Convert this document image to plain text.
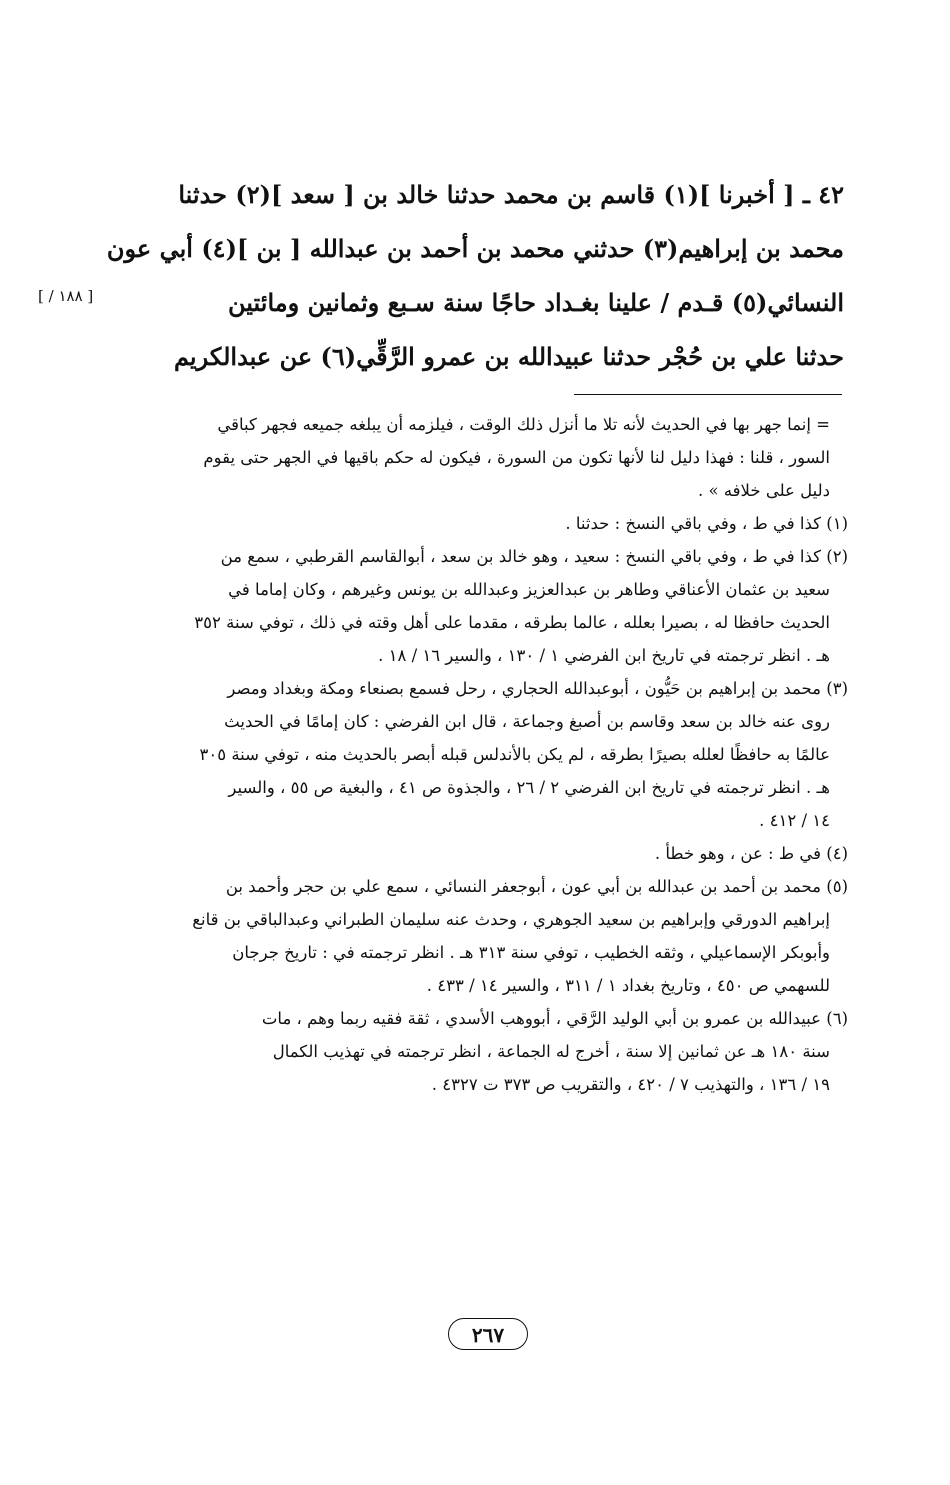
٤٢ ـ [ أخبرنا ](١) قاسم بن محمد حدثنا خالد بن [ سعد ](٢) حدثنا
محمد بن إبراهيم(٣) حدثني محمد بن أحمد بن عبدالله [ بن ](٤) أبي عون
النسائي(٥) قـدم / علينا بغـداد حاجًا سنة سـبع وثمانين ومائتين
حدثنا علي بن حُجْر حدثنا عبيدالله بن عمرو الرَّقِّي(٦) عن عبدالكريم
[ ١٨٨ / ]
= إنما جهر بها في الحديث لأنه تلا ما أنزل ذلك الوقت ، فيلزمه أن يبلغه جميعه فجهر كباقي
السور ، قلنا : فهذا دليل لنا لأنها تكون من السورة ، فيكون له حكم باقيها في الجهر حتى يقوم
دليل على خلافه » .
(١) كذا في ط ، وفي باقي النسخ : حدثنا .
(٢) كذا في ط ، وفي باقي النسخ : سعيد ، وهو خالد بن سعد ، أبوالقاسم القرطبي ، سمع من
سعيد بن عثمان الأعناقي وطاهر بن عبدالعزيز وعبدالله بن يونس وغيرهم ، وكان إماما في
الحديث حافظا له ، بصيرا بعلله ، عالما بطرقه ، مقدما على أهل وقته في ذلك ، توفي سنة ٣٥٢
هـ . انظر ترجمته في تاريخ ابن الفرضي ١ / ١٣٠ ، والسير ١٦ / ١٨ .
(٣) محمد بن إبراهيم بن حَيُّون ، أبوعبدالله الحجاري ، رحل فسمع بصنعاء ومكة وبغداد ومصر
روى عنه خالد بن سعد وقاسم بن أصبغ وجماعة ، قال ابن الفرضي : كان إمامًا في الحديث
عالمًا به حافظًا لعلله بصيرًا بطرقه ، لم يكن بالأندلس قبله أبصر بالحديث منه ، توفي سنة ٣٠٥
هـ . انظر ترجمته في تاريخ ابن الفرضي ٢ / ٢٦ ، والجذوة ص ٤١ ، والبغية ص ٥٥ ، والسير
١٤ / ٤١٢ .
(٤) في ط : عن ، وهو خطأ .
(٥) محمد بن أحمد بن عبدالله بن أبي عون ، أبوجعفر النسائي ، سمع علي بن حجر وأحمد بن
إبراهيم الدورقي وإبراهيم بن سعيد الجوهري ، وحدث عنه سليمان الطبراني وعبدالباقي بن قانع
وأبوبكر الإسماعيلي ، وثقه الخطيب ، توفي سنة ٣١٣ هـ . انظر ترجمته في : تاريخ جرجان
للسهمي ص ٤٥٠ ، وتاريخ بغداد ١ / ٣١١ ، والسير ١٤ / ٤٣٣ .
(٦) عبيدالله بن عمرو بن أبي الوليد الرَّقي ، أبووهب الأسدي ، ثقة فقيه ربما وهم ، مات
سنة ١٨٠ هـ عن ثمانين إلا سنة ، أخرج له الجماعة ، انظر ترجمته في تهذيب الكمال
١٩ / ١٣٦ ، والتهذيب ٧ / ٤٢٠ ، والتقريب ص ٣٧٣ ت ٤٣٢٧ .
٢٦٧
